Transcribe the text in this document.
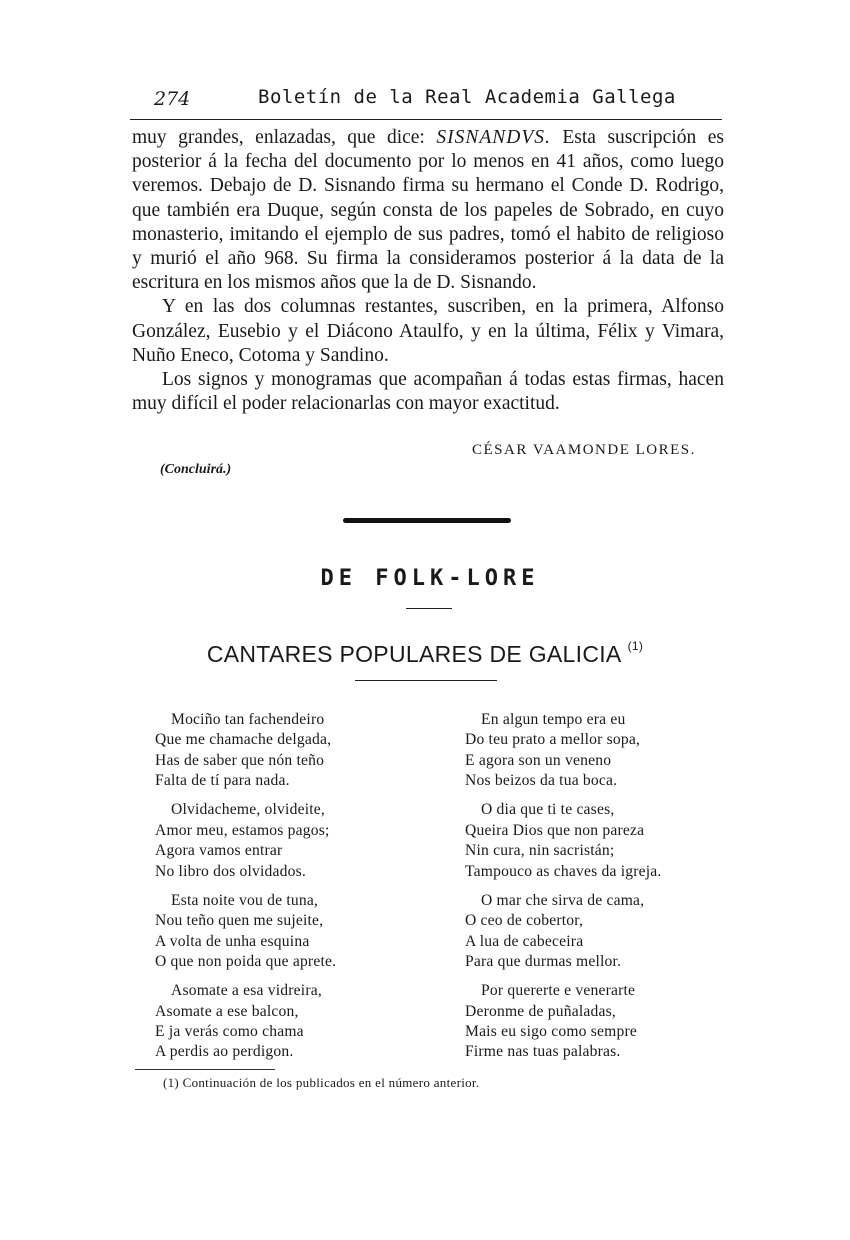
274	Boletín de la Real Academia Gallega

muy grandes, enlazadas, que dice: SISNANDVS. Esta suscripción es posterior á la fecha del documento por lo menos en 41 años, como luego veremos. Debajo de D. Sisnando firma su hermano el Conde D. Rodrigo, que también era Duque, según consta de los papeles de Sobrado, en cuyo monasterio, imitando el ejemplo de sus padres, tomó el habito de religioso y murió el año 968. Su firma la consideramos posterior á la data de la escritura en los mismos años que la de D. Sisnando.

Y en las dos columnas restantes, suscriben, en la primera, Alfonso González, Eusebio y el Diácono Ataulfo, y en la última, Félix y Vimara, Nuño Eneco, Cotoma y Sandino.

Los signos y monogramas que acompañan á todas estas firmas, hacen muy difícil el poder relacionarlas con mayor exactitud.

CÉSAR VAAMONDE LORES.
(Concluirá.)
DE FOLK-LORE
CANTARES POPULARES DE GALICIA $^{(1)}$
Mociño tan fachendeiro
Que me chamache delgada,
Has de saber que nón teño
Falta de tí para nada.
Olvidacheme, olvideite,
Amor meu, estamos pagos;
Agora vamos entrar
No libro dos olvidados.
Esta noite vou de tuna,
Nou teño quen me sujeite,
A volta de unha esquina
O que non poida que aprete.
Asomate a esa vidreira,
Asomate a ese balcon,
E ja verás como chama
A perdis ao perdigon.
En algun tempo era eu
Do teu prato a mellor sopa,
E agora son un veneno
Nos beizos da tua boca.
O dia que ti te cases,
Queira Dios que non pareza
Nin cura, nin sacristán;
Tampouco as chaves da igreja.
O mar che sirva de cama,
O ceo de cobertor,
A lua de cabeceira
Para que durmas mellor.
Por quererte e venerarte
Deronme de puñaladas,
Mais eu sigo como sempre
Firme nas tuas palabras.
(1) Continuación de los publicados en el número anterior.
